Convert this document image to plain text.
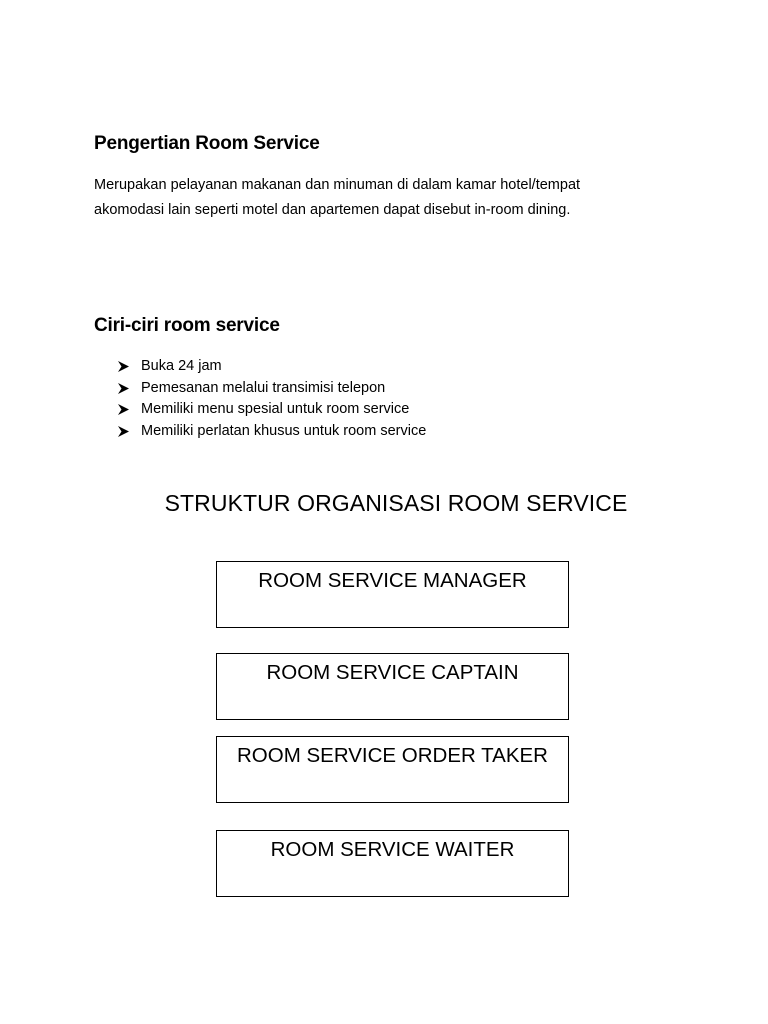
Pengertian Room Service

Merupakan pelayanan makanan dan minuman di dalam kamar hotel/tempat
akomodasi lain seperti motel dan apartemen dapat disebut in-room dining.

Ciri-ciri room service
Buka 24 jam
Pemesanan melalui transimisi telepon
Memiliki menu spesial untuk room service
Memiliki perlatan khusus untuk room service
STRUKTUR ORGANISASI ROOM SERVICE
ROOM SERVICE MANAGER
ROOM SERVICE CAPTAIN
ROOM SERVICE ORDER TAKER
ROOM SERVICE WAITER
